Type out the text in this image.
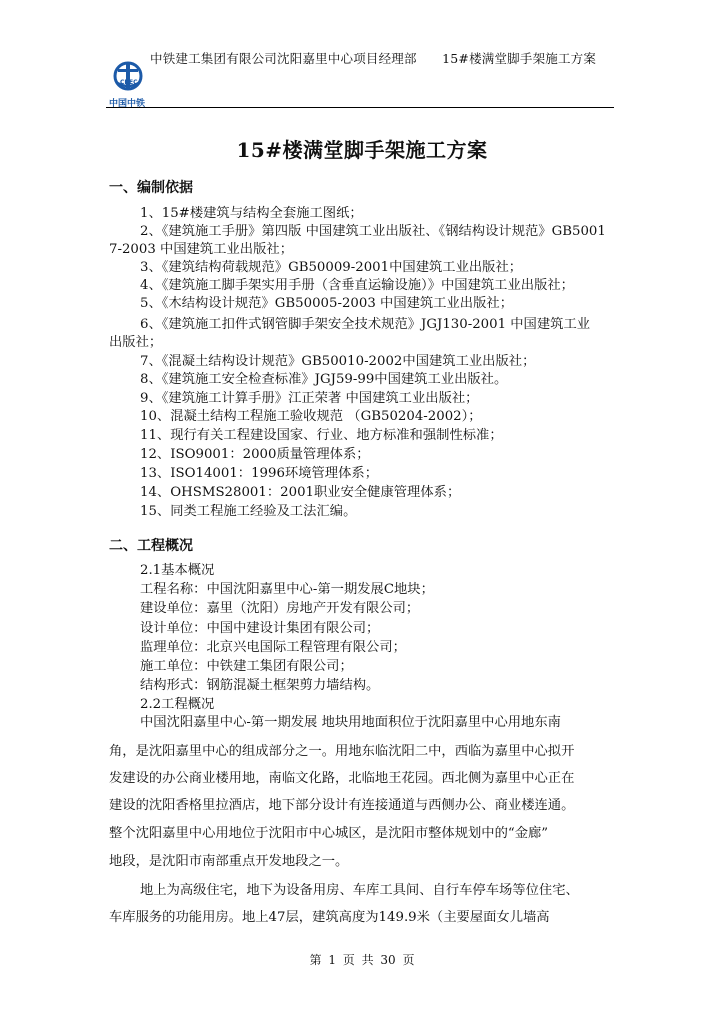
中铁建工集团有限公司沈阳嘉里中心项目经理部　　15#楼满堂脚手架施工方案
CREC
中国中铁
15#楼满堂脚手架施工方案
一、编制依据
1、15#楼建筑与结构全套施工图纸；
2、《建筑施工手册》第四版 中国建筑工业出版社、《钢结构设计规范》GB5001
7-2003 中国建筑工业出版社；
3、《建筑结构荷载规范》GB50009-2001中国建筑工业出版社；
4、《建筑施工脚手架实用手册（含垂直运输设施）》中国建筑工业出版社；
5、《木结构设计规范》GB50005-2003 中国建筑工业出版社；
6、《建筑施工扣件式钢管脚手架安全技术规范》JGJ130-2001 中国建筑工业
出版社；
7、《混凝土结构设计规范》GB50010-2002中国建筑工业出版社；
8、《建筑施工安全检查标准》JGJ59-99中国建筑工业出版社。
9、《建筑施工计算手册》江正荣著 中国建筑工业出版社；
10、混凝土结构工程施工验收规范 （GB50204-2002）；
11、现行有关工程建设国家、行业、地方标准和强制性标准；
12、ISO9001：2000质量管理体系；
13、ISO14001：1996环境管理体系；
14、OHSMS28001：2001职业安全健康管理体系；
15、同类工程施工经验及工法汇编。
二、工程概况
2.1基本概况
工程名称：中国沈阳嘉里中心-第一期发展C地块；
建设单位：嘉里（沈阳）房地产开发有限公司；
设计单位：中国中建设计集团有限公司；
监理单位：北京兴电国际工程管理有限公司；
施工单位：中铁建工集团有限公司；
结构形式：钢筋混凝土框架剪力墙结构。
2.2工程概况
中国沈阳嘉里中心-第一期发展 地块用地面积位于沈阳嘉里中心用地东南
角，是沈阳嘉里中心的组成部分之一。用地东临沈阳二中，西临为嘉里中心拟开
发建设的办公商业楼用地，南临文化路，北临地王花园。西北侧为嘉里中心正在
建设的沈阳香格里拉酒店，地下部分设计有连接通道与西侧办公、商业楼连通。
整个沈阳嘉里中心用地位于沈阳市中心城区，是沈阳市整体规划中的“金廊”
地段，是沈阳市南部重点开发地段之一。
地上为高级住宅，地下为设备用房、车库工具间、自行车停车场等位住宅、
车库服务的功能用房。地上47层，建筑高度为149.9米（主要屋面女儿墙高
第 1 页 共 30 页
